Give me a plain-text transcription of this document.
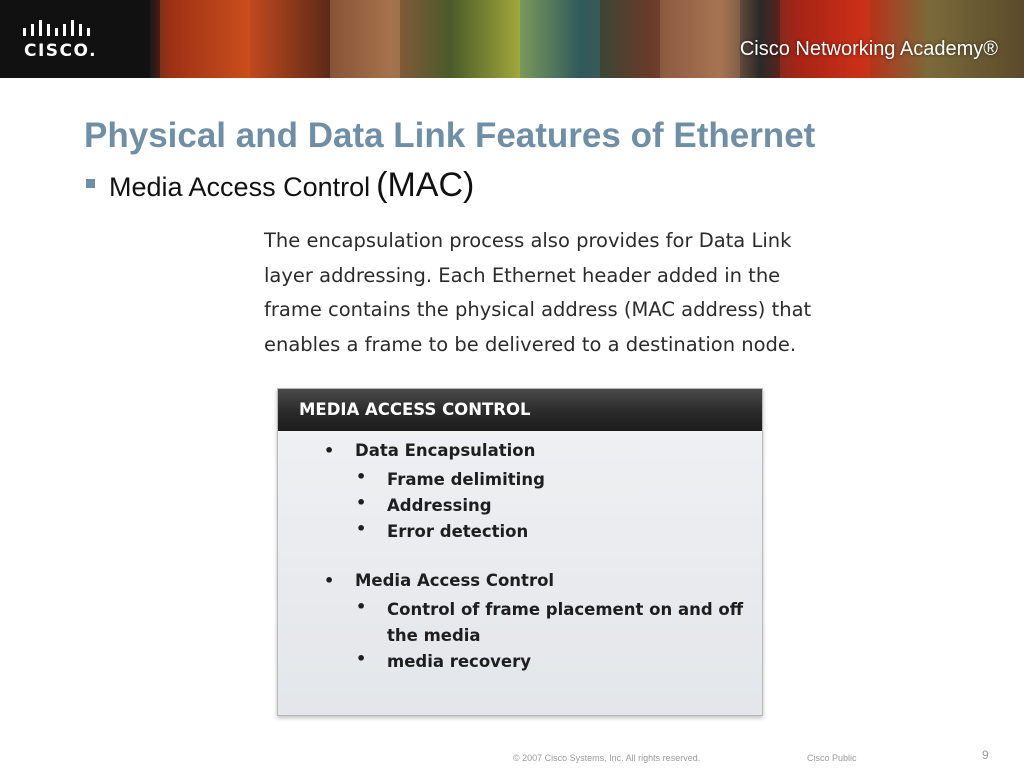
CISCO.	Cisco Networking Academy®
Physical and Data Link Features of Ethernet
Media Access Control (MAC)
The encapsulation process also provides for Data Link
layer addressing. Each Ethernet header added in the
frame contains the physical address (MAC address) that
enables a frame to be delivered to a destination node.
MEDIA ACCESS CONTROL
• Data Encapsulation
• Frame delimiting
• Addressing
• Error detection
• Media Access Control
• Control of frame placement on and off the media
• media recovery
© 2007 Cisco Systems, Inc. All rights reserved.	Cisco Public	9
